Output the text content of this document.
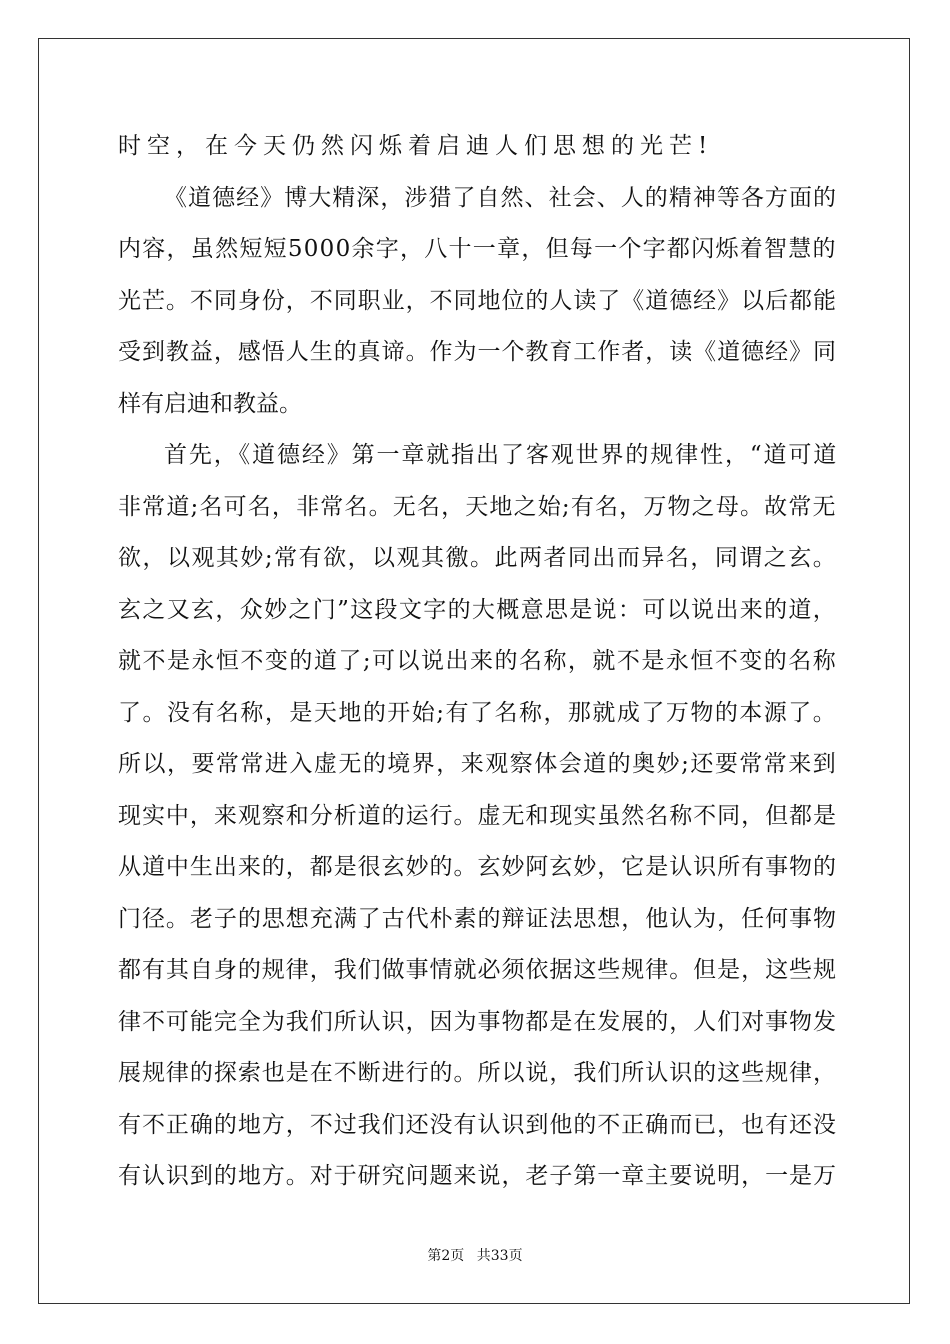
时空，在今天仍然闪烁着启迪人们思想的光芒!
《道德经》博大精深，涉猎了自然、社会、人的精神等各方面的
内容，虽然短短5000余字，八十一章，但每一个字都闪烁着智慧的
光芒。不同身份，不同职业，不同地位的人读了《道德经》以后都能
受到教益，感悟人生的真谛。作为一个教育工作者，读《道德经》同
样有启迪和教益。
首先，《道德经》第一章就指出了客观世界的规律性，“道可道
非常道;名可名，非常名。无名，天地之始;有名，万物之母。故常无
欲，以观其妙;常有欲，以观其徼。此两者同出而异名，同谓之玄。
玄之又玄，众妙之门”这段文字的大概意思是说：可以说出来的道，
就不是永恒不变的道了;可以说出来的名称，就不是永恒不变的名称
了。没有名称，是天地的开始;有了名称，那就成了万物的本源了。
所以，要常常进入虚无的境界，来观察体会道的奥妙;还要常常来到
现实中，来观察和分析道的运行。虚无和现实虽然名称不同，但都是
从道中生出来的，都是很玄妙的。玄妙阿玄妙，它是认识所有事物的
门径。老子的思想充满了古代朴素的辩证法思想，他认为，任何事物
都有其自身的规律，我们做事情就必须依据这些规律。但是，这些规
律不可能完全为我们所认识，因为事物都是在发展的，人们对事物发
展规律的探索也是在不断进行的。所以说，我们所认识的这些规律，
有不正确的地方，不过我们还没有认识到他的不正确而已，也有还没
有认识到的地方。对于研究问题来说，老子第一章主要说明，一是万
第2页 共33页
